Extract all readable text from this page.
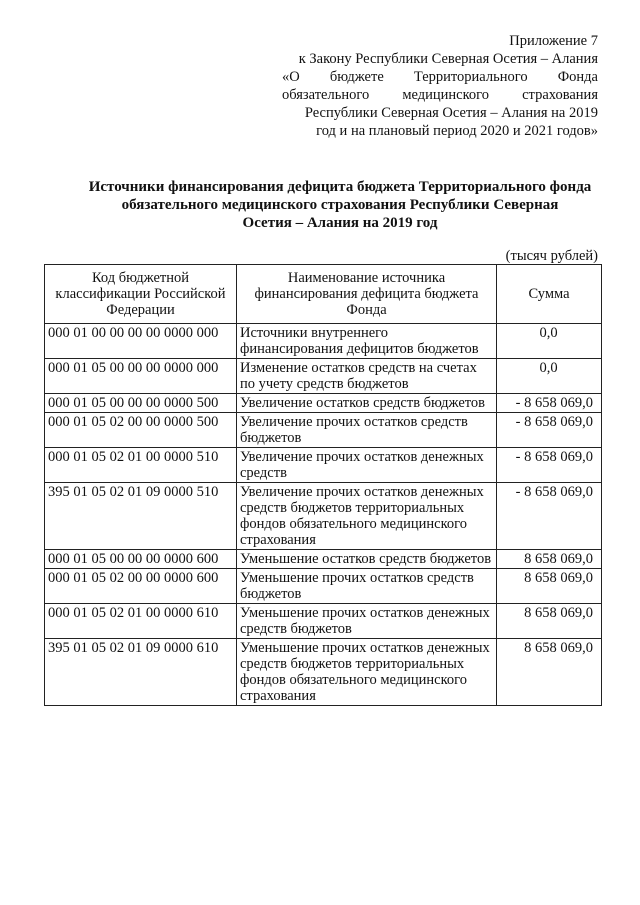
Приложение 7
к Закону Республики Северная Осетия – Алания
«О бюджете Территориального Фонда
обязательного медицинского страхования
Республики Северная Осетия – Алания на 2019
год и на плановый период 2020 и 2021 годов»
Источники финансирования дефицита бюджета Территориального фонда
обязательного медицинского страхования Республики Северная
Осетия – Алания на 2019 год
(тысяч рублей)
Код бюджетной классификации Российской Федерации	Наименование источника финансирования дефицита бюджета Фонда	Сумма
000 01 00 00 00 00 0000 000	Источники внутреннего финансирования дефицитов бюджетов	0,0
000 01 05 00 00 00 0000 000	Изменение остатков средств на счетах по учету средств бюджетов	0,0
000 01 05 00 00 00 0000 500	Увеличение остатков средств бюджетов	- 8 658 069,0
000 01 05 02 00 00 0000 500	Увеличение прочих остатков средств бюджетов	- 8 658 069,0
000 01 05 02 01 00 0000 510	Увеличение прочих остатков денежных средств	- 8 658 069,0
395 01 05 02 01 09 0000 510	Увеличение прочих остатков денежных средств бюджетов территориальных фондов обязательного медицинского страхования	- 8 658 069,0
000 01 05 00 00 00 0000 600	Уменьшение остатков средств бюджетов	8 658 069,0
000 01 05 02 00 00 0000 600	Уменьшение прочих остатков средств бюджетов	8 658 069,0
000 01 05 02 01 00 0000 610	Уменьшение прочих остатков денежных средств бюджетов	8 658 069,0
395 01 05 02 01 09 0000 610	Уменьшение прочих остатков денежных средств бюджетов территориальных фондов обязательного медицинского страхования	8 658 069,0
